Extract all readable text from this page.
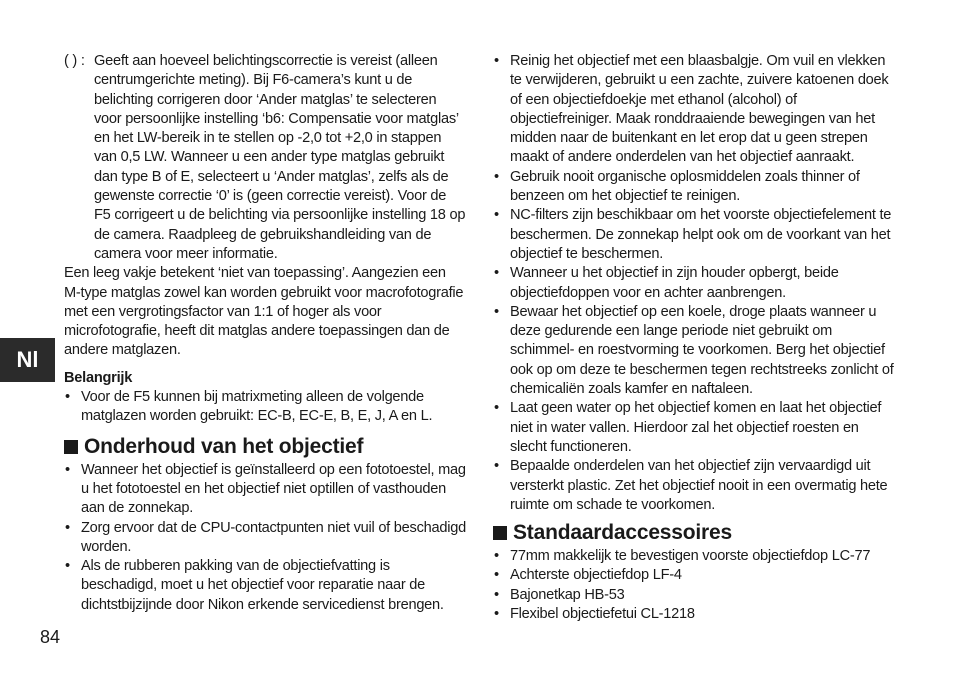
Nl
84
( ) : Geeft aan hoeveel belichtingscorrectie is vereist (alleen centrumgerichte meting). Bij F6-camera’s kunt u de belichting corrigeren door ‘Ander matglas’ te selecteren voor persoonlijke instelling ‘b6: Compensatie voor matglas’ en het LW-bereik in te stellen op -2,0 tot +2,0 in stappen van 0,5 LW. Wanneer u een ander type matglas gebruikt dan type B of E, selecteert u ‘Ander matglas’, zelfs als de gewenste correctie ‘0’ is (geen correctie vereist). Voor de F5 corrigeert u de belichting via persoonlijke instelling 18 op de camera. Raadpleeg de gebruikshandleiding van de camera voor meer informatie.

Een leeg vakje betekent ‘niet van toepassing’. Aangezien een M-type matglas zowel kan worden gebruikt voor macrofotografie met een vergrotingsfactor van 1:1 of hoger als voor microfotografie, heeft dit matglas andere toepassingen dan de andere matglazen.

Belangrijk

• Voor de F5 kunnen bij matrixmeting alleen de volgende matglazen worden gebruikt: EC-B, EC-E, B, E, J, A en L.
Onderhoud van het objectief
• Wanneer het objectief is geïnstalleerd op een fototoestel, mag u het fototoestel en het objectief niet optillen of vasthouden aan de zonnekap.
• Zorg ervoor dat de CPU-contactpunten niet vuil of beschadigd worden.
• Als de rubberen pakking van de objectiefvatting is beschadigd, moet u het objectief voor reparatie naar de dichtstbijzijnde door Nikon erkende servicedienst brengen.
• Reinig het objectief met een blaasbalgje. Om vuil en vlekken te verwijderen, gebruikt u een zachte, zuivere katoenen doek of een objectiefdoekje met ethanol (alcohol) of objectiefreiniger. Maak ronddraaiende bewegingen van het midden naar de buitenkant en let erop dat u geen strepen maakt of andere onderdelen van het objectief aanraakt.
• Gebruik nooit organische oplosmiddelen zoals thinner of benzeen om het objectief te reinigen.
• NC-filters zijn beschikbaar om het voorste objectiefelement te beschermen. De zonnekap helpt ook om de voorkant van het objectief te beschermen.
• Wanneer u het objectief in zijn houder opbergt, beide objectiefdoppen voor en achter aanbrengen.
• Bewaar het objectief op een koele, droge plaats wanneer u deze gedurende een lange periode niet gebruikt om schimmel- en roestvorming te voorkomen. Berg het objectief ook op om deze te beschermen tegen rechtstreeks zonlicht of chemicaliën zoals kamfer en naftaleen.
• Laat geen water op het objectief komen en laat het objectief niet in water vallen. Hierdoor zal het objectief roesten en slecht functioneren.
• Bepaalde onderdelen van het objectief zijn vervaardigd uit versterkt plastic. Zet het objectief nooit in een overmatig hete ruimte om schade te voorkomen.
Standaardaccessoires
• 77mm makkelijk te bevestigen voorste objectiefdop LC-77
• Achterste objectiefdop LF-4
• Bajonetkap HB-53
• Flexibel objectiefetui CL-1218
